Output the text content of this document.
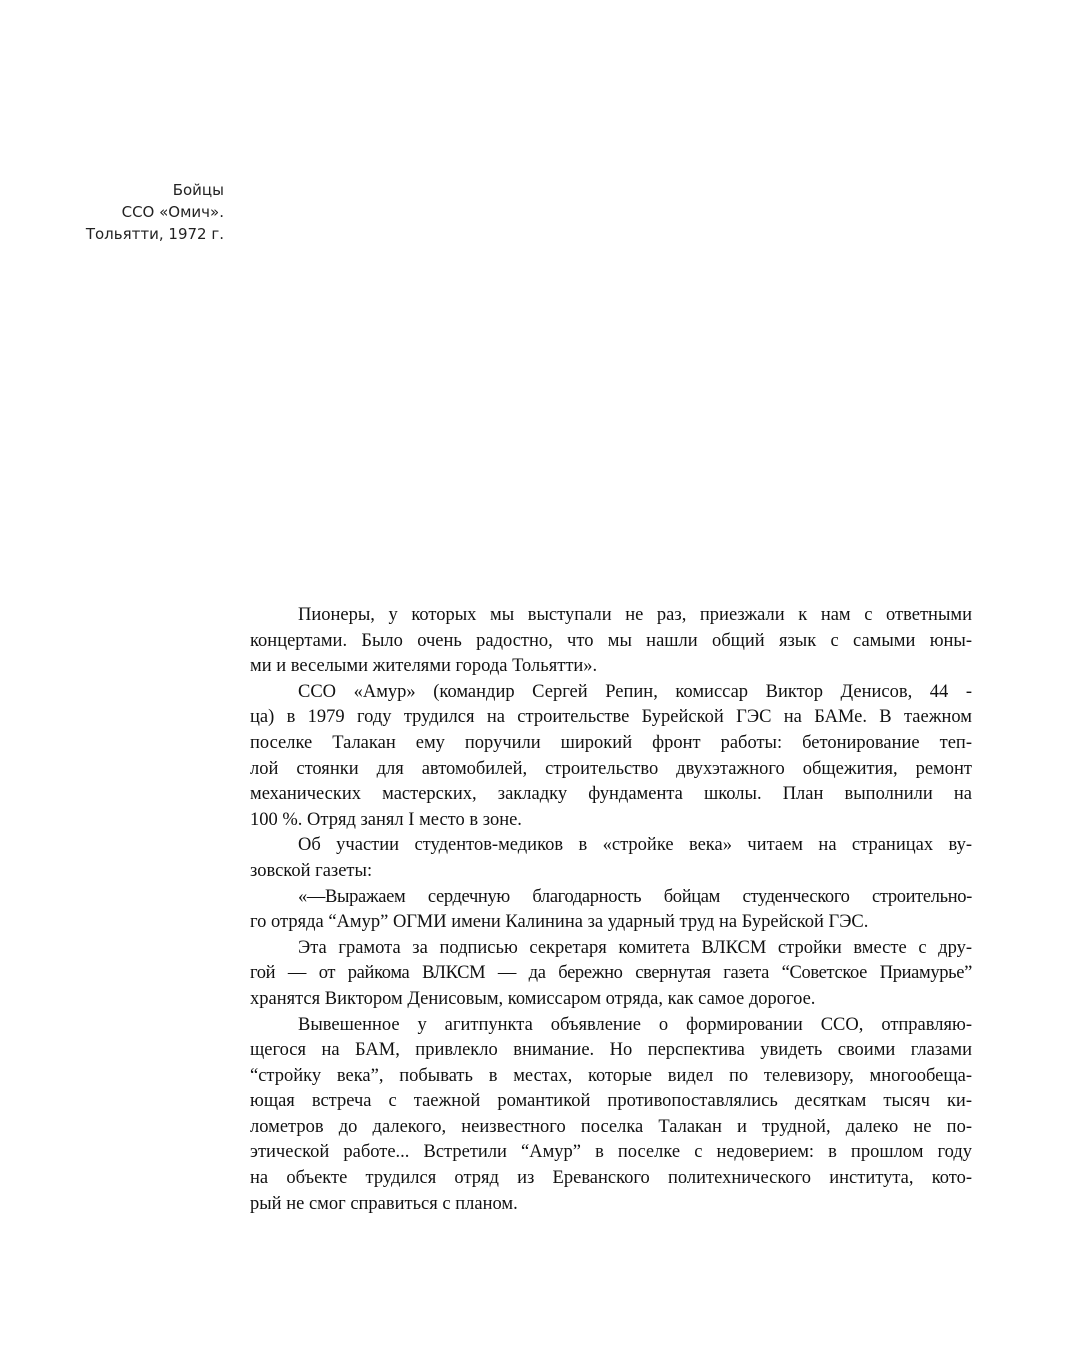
Бойцы
ССО «Омич».
Тольятти, 1972 г.
Пионеры, у которых мы выступали не раз, приезжали к нам с ответными
концертами. Было очень радостно, что мы нашли общий язык с самыми юны-
ми и веселыми жителями города Тольятти».
ССО «Амур» (командир Сергей Репин, комиссар Виктор Денисов, 44 -
ца) в 1979 году трудился на строительстве Бурейской ГЭС на БАМе. В таежном
поселке Талакан ему поручили широкий фронт работы: бетонирование теп-
лой стоянки для автомобилей, строительство двухэтажного общежития, ремонт
механических мастерских, закладку фундамента школы. План выполнили на
100 %. Отряд занял I место в зоне.
Об участии студентов-медиков в «стройке века» читаем на страницах ву-
зовской газеты:
«—Выражаем сердечную благодарность бойцам студенческого строительно-
го отряда “Амур” ОГМИ имени Калинина за ударный труд на Бурейской ГЭС.
Эта грамота за подписью секретаря комитета ВЛКСМ стройки вместе с дру-
гой — от райкома ВЛКСМ — да бережно свернутая газета “Советское Приамурье”
хранятся Виктором Денисовым, комиссаром отряда, как самое дорогое.
Вывешенное у агитпункта объявление о формировании ССО, отправляю-
щегося на БАМ, привлекло внимание. Но перспектива увидеть своими глазами
“стройку века”, побывать в местах, которые видел по телевизору, многообеща-
ющая встреча с таежной романтикой противопоставлялись десяткам тысяч ки-
лометров до далекого, неизвестного поселка Талакан и трудной, далеко не по-
этической работе... Встретили “Амур” в поселке с недоверием: в прошлом году
на объекте трудился отряд из Ереванского политехнического института, кото-
рый не смог справиться с планом.
